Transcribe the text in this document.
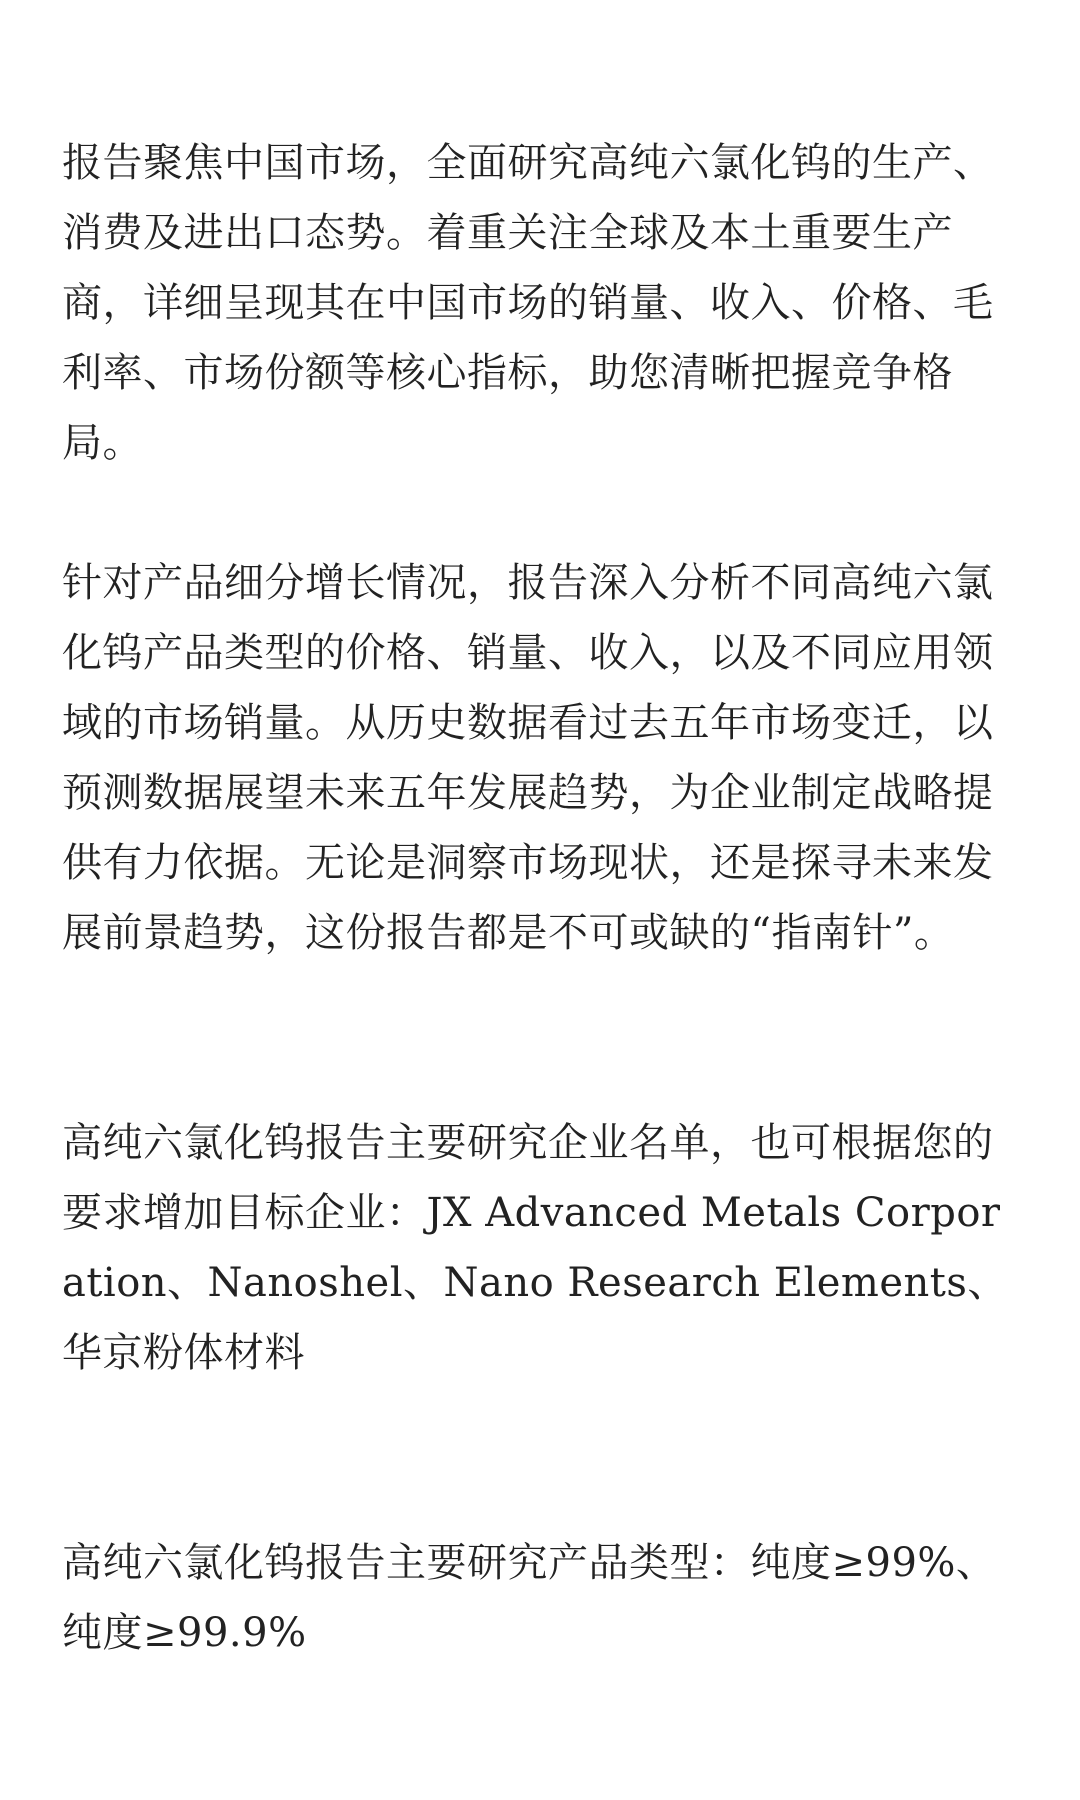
报告聚焦中国市场，全面研究高纯六氯化钨的生产、消费及进出口态势。着重关注全球及本土重要生产商，详细呈现其在中国市场的销量、收入、价格、毛利率、市场份额等核心指标，助您清晰把握竞争格局。

针对产品细分增长情况，报告深入分析不同高纯六氯化钨产品类型的价格、销量、收入，以及不同应用领域的市场销量。从历史数据看过去五年市场变迁，以预测数据展望未来五年发展趋势，为企业制定战略提供有力依据。无论是洞察市场现状，还是探寻未来发展前景趋势，这份报告都是不可或缺的“指南针”。

高纯六氯化钨报告主要研究企业名单，也可根据您的要求增加目标企业：JX Advanced Metals Corporation、Nanoshel、Nano Research Elements、华京粉体材料

高纯六氯化钨报告主要研究产品类型：纯度≥99%、纯度≥99.9%
